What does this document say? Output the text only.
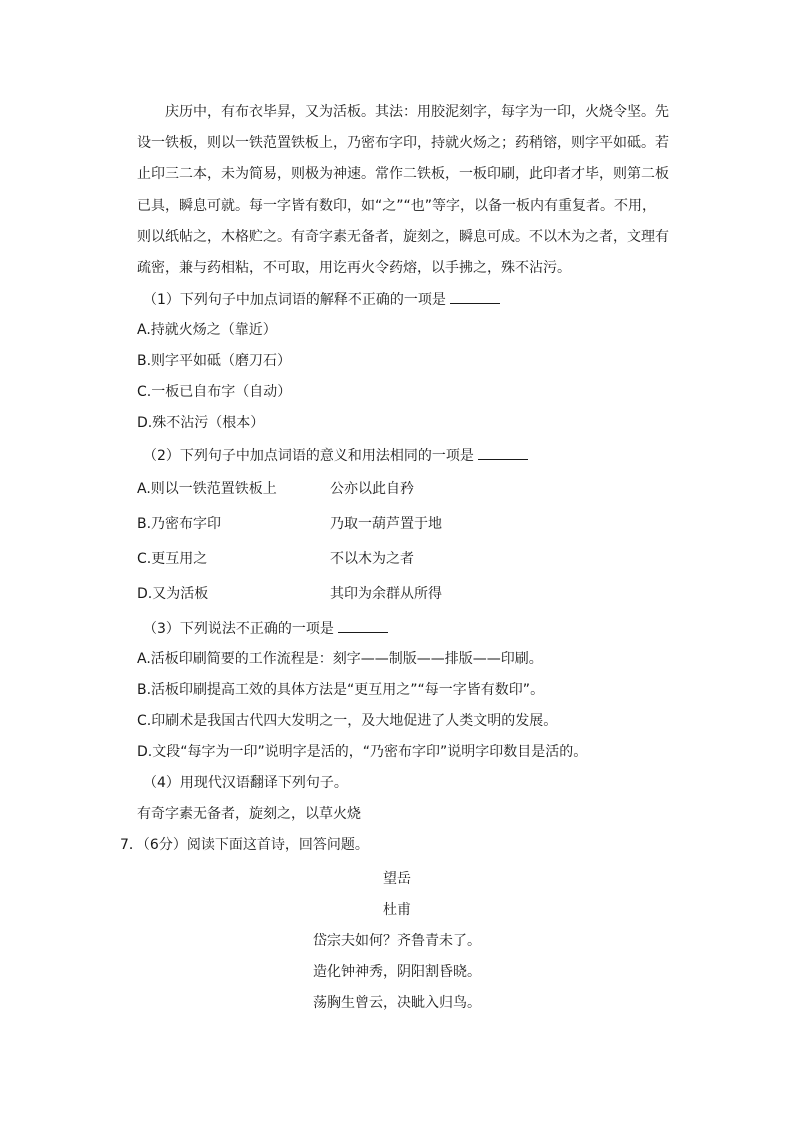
庆历中，有布衣毕昇，又为活板。其法：用胶泥刻字，每字为一印，火烧令坚。先
设一铁板，则以一铁范置铁板上，乃密布字印，持就火炀之；药稍镕，则字平如砥。若
止印三二本，未为简易，则极为神速。常作二铁板，一板印刷，此印者才毕，则第二板
已具，瞬息可就。每一字皆有数印，如“之”“也”等字，以备一板内有重复者。不用，
则以纸帖之，木格贮之。有奇字素无备者，旋刻之，瞬息可成。不以木为之者，文理有
疏密，兼与药相粘，不可取，用讫再火令药熔，以手拂之，殊不沾污。
（1）下列句子中加点词语的解释不正确的一项是
A.持就火炀之（靠近）
B.则字平如砥（磨刀石）
C.一板已自布字（自动）
D.殊不沾污（根本）
（2）下列句子中加点词语的意义和用法相同的一项是
A.则以一铁范置铁板上	公亦以此自矜
B.乃密布字印	乃取一葫芦置于地
C.更互用之	不以木为之者
D.又为活板	其印为余群从所得
（3）下列说法不正确的一项是
A.活板印刷简要的工作流程是：刻字——制版——排版——印刷。
B.活板印刷提高工效的具体方法是“更互用之”“每一字皆有数印”。
C.印刷术是我国古代四大发明之一，及大地促进了人类文明的发展。
D.文段“每字为一印”说明字是活的，“乃密布字印”说明字印数目是活的。
（4）用现代汉语翻译下列句子。
有奇字素无备者，旋刻之，以草火烧
7．（6分）阅读下面这首诗，回答问题。
望岳
杜甫
岱宗夫如何？齐鲁青未了。
造化钟神秀，阴阳割昏晓。
荡胸生曾云，决眦入归鸟。
